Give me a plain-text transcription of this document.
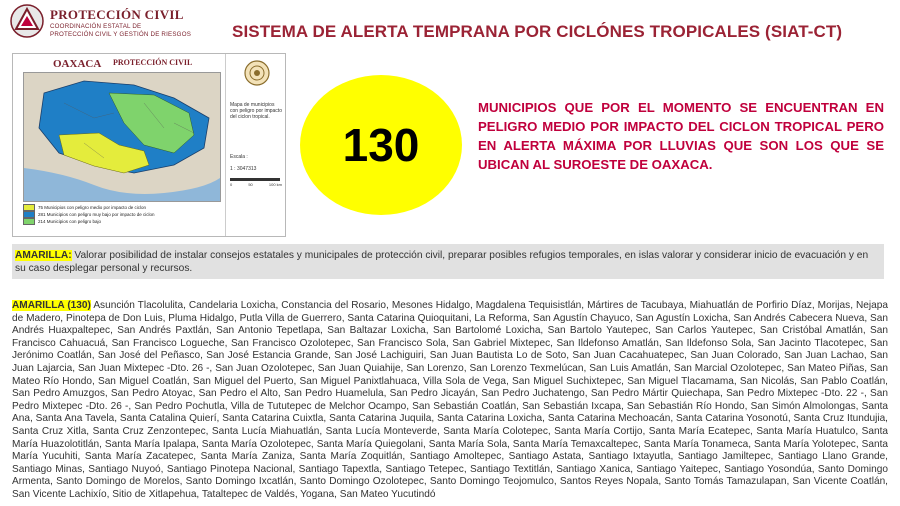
PROTECCIÓN CIVIL
COORDINACIÓN ESTATAL DE
PROTECCIÓN CIVIL Y GESTIÓN DE RIESGOS SISTEMA DE ALERTA TEMPRANA POR CICLÓNES TROPICALES (SIAT-CT)
OAXACA PROTECCIÓN CIVIL
75 Municipios con peligro medio por impacto de ciclon
281 Municipios con peligro muy bajo por impacto de ciclon
214 Municipios con peligro bajo
Mapa de municipios con peligro por impacto del ciclon tropical.
Escala :
1 : 3047313
0	50	100 km
130
MUNICIPIOS QUE POR EL MOMENTO SE ENCUENTRAN EN PELIGRO MEDIO POR IMPACTO DEL CICLON TROPICAL PERO EN ALERTA MÁXIMA POR LLUVIAS QUE SON LOS QUE SE UBICAN AL SUROESTE DE OAXACA.
AMARILLA: Valorar posibilidad de instalar consejos estatales y municipales de protección civil, preparar posibles refugios temporales, en islas valorar y considerar inicio de evacuación y en su caso desplegar personal y recursos.
AMARILLA (130) Asunción Tlacolulita, Candelaria Loxicha, Constancia del Rosario, Mesones Hidalgo, Magdalena Tequisistlán, Mártires de Tacubaya, Miahuatlán de Porfirio Díaz, Morijas, Nejapa de Madero, Pinotepa de Don Luis, Pluma Hidalgo, Putla Villa de Guerrero, Santa Catarina Quioquitani, La Reforma, San Agustín Chayuco, San Agustín Loxicha, San Andrés Cabecera Nueva, San Andrés Huaxpaltepec, San Andrés Paxtlán, San Antonio Tepetlapa, San Baltazar Loxicha, San Bartolomé Loxicha, San Bartolo Yautepec, San Carlos Yautepec, San Cristóbal Amatlán, San Francisco Cahuacuá, San Francisco Logueche, San Francisco Ozolotepec, San Francisco Sola, San Gabriel Mixtepec, San Ildefonso Amatlán, San Ildefonso Sola, San Jacinto Tlacotepec, San Jerónimo Coatlán, San José del Peñasco, San José Estancia Grande, San José Lachiguiri, San Juan Bautista Lo de Soto, San Juan Cacahuatepec, San Juan Colorado, San Juan Lachao, San Juan Lajarcia, San Juan Mixtepec -Dto. 26 -, San Juan Ozolotepec, San Juan Quiahije, San Lorenzo, San Lorenzo Texmelúcan, San Luis Amatlán, San Marcial Ozolotepec, San Mateo Piñas, San Mateo Río Hondo, San Miguel Coatlán, San Miguel del Puerto, San Miguel Panixtlahuaca, Villa Sola de Vega, San Miguel Suchixtepec, San Miguel Tlacamama, San Nicolás, San Pablo Coatlán, San Pedro Amuzgos, San Pedro Atoyac, San Pedro el Alto, San Pedro Huamelula, San Pedro Jicayán, San Pedro Juchatengo, San Pedro Mártir Quiechapa, San Pedro Mixtepec -Dto. 22 -, San Pedro Mixtepec -Dto. 26 -, San Pedro Pochutla, Villa de Tututepec de Melchor Ocampo, San Sebastián Coatlán, San Sebastián Ixcapa, San Sebastián Río Hondo, San Simón Almolongas, Santa Ana, Santa Ana Tavela, Santa Catalina Quierí, Santa Catarina Cuixtla, Santa Catarina Juquila, Santa Catarina Loxicha, Santa Catarina Mechoacán, Santa Catarina Yosonotú, Santa Cruz Itundujia, Santa Cruz Xitla, Santa Cruz Zenzontepec, Santa Lucía Miahuatlán, Santa Lucía Monteverde, Santa María Colotepec, Santa María Cortijo, Santa María Ecatepec, Santa María Huatulco, Santa María Huazolotitlán, Santa María Ipalapa, Santa María Ozolotepec, Santa María Quiegolani, Santa María Sola, Santa María Temaxcaltepec, Santa María Tonameca, Santa María Yolotepec, Santa María Yucuhiti, Santa María Zacatepec, Santa María Zaniza, Santa María Zoquitlán, Santiago Amoltepec, Santiago Astata, Santiago Ixtayutla, Santiago Jamiltepec, Santiago Llano Grande, Santiago Minas, Santiago Nuyoó, Santiago Pinotepa Nacional, Santiago Tapextla, Santiago Tetepec, Santiago Textitlán, Santiago Xanica, Santiago Yaitepec, Santiago Yosondúa, Santo Domingo Armenta, Santo Domingo de Morelos, Santo Domingo Ixcatlán, Santo Domingo Ozolotepec, Santo Domingo Teojomulco, Santos Reyes Nopala, Santo Tomás Tamazulapan, San Vicente Coatlán, San Vicente Lachixío, Sitio de Xitlapehua, Tataltepec de Valdés, Yogana, San Mateo Yucutindó
